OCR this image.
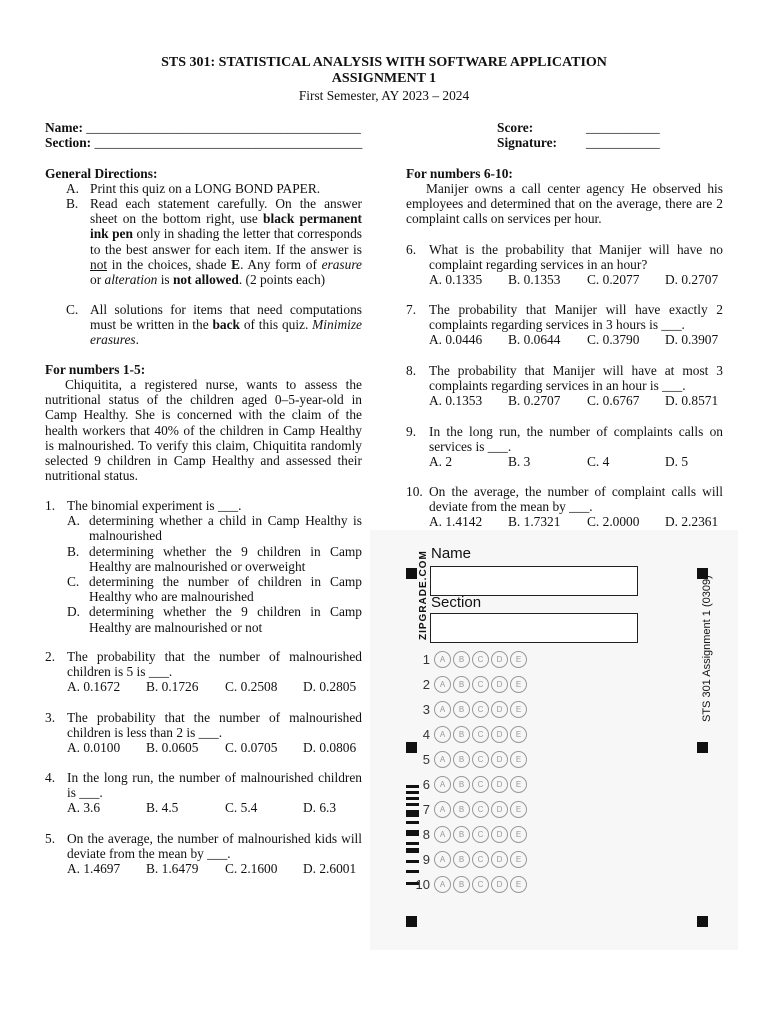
STS 301: STATISTICAL ANALYSIS WITH SOFTWARE APPLICATION
ASSIGNMENT 1
First Semester, AY 2023 – 2024
Name: _________________________________________
Section: ________________________________________
Score:	___________
Signature: ___________
General Directions:
A. Print this quiz on a LONG BOND PAPER.
B. Read each statement carefully. On the answer sheet on the bottom right, use black permanent ink pen only in shading the letter that corresponds to the best answer for each item. If the answer is not in the choices, shade E. Any form of erasure or alteration is not allowed. (2 points each)
C. All solutions for items that need computations must be written in the back of this quiz. Minimize erasures.
For numbers 1-5:
Chiquitita, a registered nurse, wants to assess the nutritional status of the children aged 0–5-year-old in Camp Healthy. She is concerned with the claim of the health workers that 40% of the children in Camp Healthy is malnourished. To verify this claim, Chiquitita randomly selected 9 children in Camp Healthy and assessed their nutritional status.
1. The binomial experiment is ___.
A. determining whether a child in Camp Healthy is malnourished
B. determining whether the 9 children in Camp Healthy are malnourished or overweight
C. determining the number of children in Camp Healthy who are malnourished
D. determining whether the 9 children in Camp Healthy are malnourished or not
2. The probability that the number of malnourished children is 5 is ___.
A. 0.1672 B. 0.1726 C. 0.2508 D. 0.2805
3. The probability that the number of malnourished children is less than 2 is ___.
A. 0.0100 B. 0.0605 C. 0.0705 D. 0.0806
4. In the long run, the number of malnourished children is ___.
A. 3.6	B. 4.5	C. 5.4	D. 6.3
5. On the average, the number of malnourished kids will deviate from the mean by ___.
A. 1.4697 B. 1.6479 C. 2.1600 D. 2.6001
For numbers 6-10:
Manijer owns a call center agency He observed his employees and determined that on the average, there are 2 complaint calls on services per hour.
6. What is the probability that Manijer will have no complaint regarding services in an hour?
A. 0.1335 B. 0.1353 C. 0.2077 D. 0.2707
7. The probability that Manijer will have exactly 2 complaints regarding services in 3 hours is ___.
A. 0.0446 B. 0.0644 C. 0.3790 D. 0.3907
8. The probability that Manijer will have at most 3 complaints regarding services in an hour is ___.
A. 0.1353 B. 0.2707 C. 0.6767 D. 0.8571
9. In the long run, the number of complaints calls on services is ___.
A. 2	B. 3	C. 4	D. 5
10. On the average, the number of complaint calls will deviate from the mean by ___.
A. 1.4142 B. 1.7321 C. 2.0000 D. 2.2361
Name
Section
ZIPGRADE.COM	STS 301 Assignment 1 (0309)
1 A B C D E
2 A B C D E
3 A B C D E
4 A B C D E
5 A B C D E
6 A B C D E
7 A B C D E
8 A B C D E
9 A B C D E
10 A B C D E
